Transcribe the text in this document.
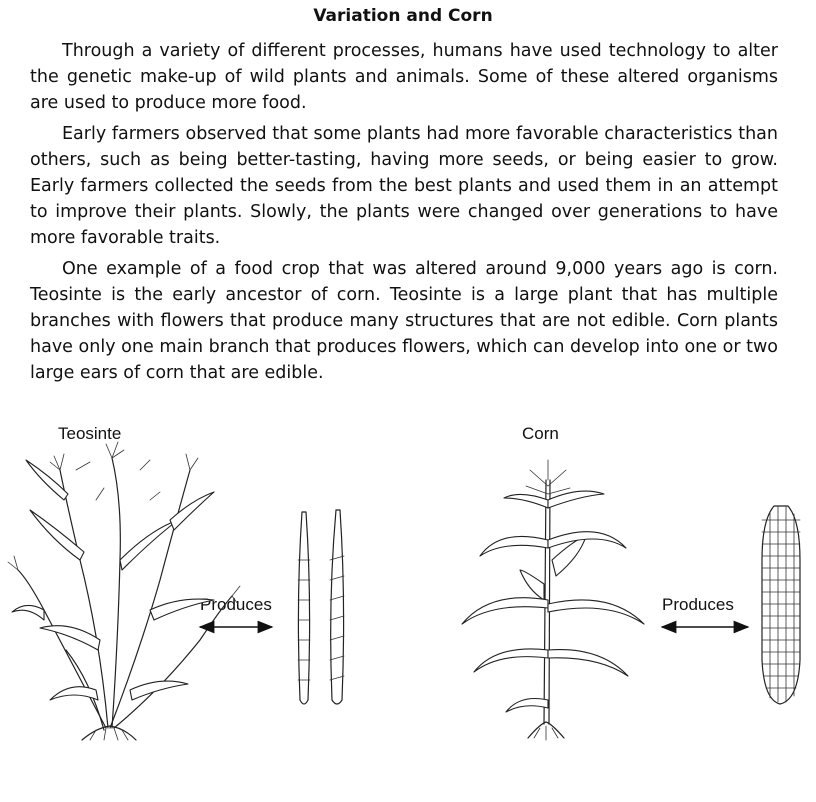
Variation and Corn

Through a variety of different processes, humans have used technology to alter the genetic make-up of wild plants and animals. Some of these altered organisms are used to produce more food.

Early farmers observed that some plants had more favorable characteristics than others, such as being better-tasting, having more seeds, or being easier to grow. Early farmers collected the seeds from the best plants and used them in an attempt to improve their plants. Slowly, the plants were changed over generations to have more favorable traits.

One example of a food crop that was altered around 9,000 years ago is corn. Teosinte is the early ancestor of corn. Teosinte is a large plant that has multiple branches with flowers that produce many structures that are not edible. Corn plants have only one main branch that produces flowers, which can develop into one or two large ears of corn that are edible.

Teosinte	Corn
Produces	Produces
